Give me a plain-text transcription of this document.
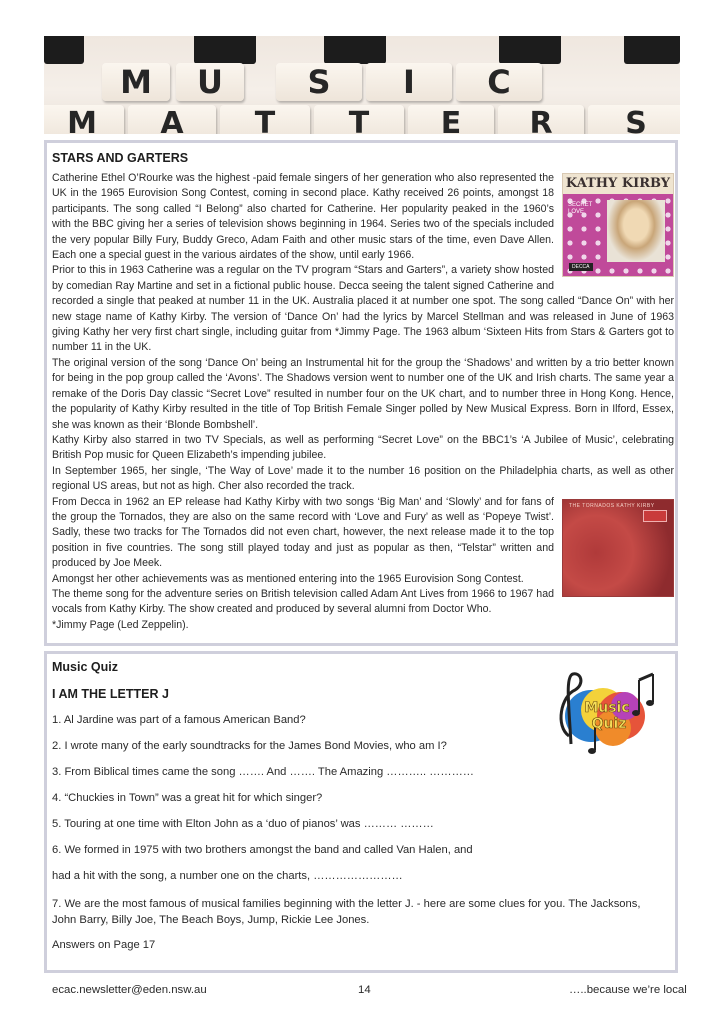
M	U	S	I	C
M	A	T	T	E	R	S
STARS AND GARTERS
KATHY KIRBY
SECRET LOVE
DECCA

Catherine Ethel O’Rourke was the highest -paid female singers of her generation who also represented the UK in the 1965 Eurovision Song Contest, coming in second place. Kathy received 26 points, amongst 18 participants. The song called “I Belong” also charted for Catherine. Her popularity peaked in the 1960’s with the BBC giving her a series of television shows beginning in 1964. Series two of the specials included the very popular Billy Fury, Buddy Greco, Adam Faith and other music stars of the time, even Dave Allen. Each one a special guest in the various airdates of the show, until early 1966.

Prior to this in 1963 Catherine was a regular on the TV program “Stars and Garters”, a variety show hosted by comedian Ray Martine and set in a fictional public house. Decca seeing the talent signed Catherine and recorded a single that peaked at number 11 in the UK. Australia placed it at number one spot. The song called “Dance On” with her new stage name of Kathy Kirby. The version of ‘Dance On’ had the lyrics by Marcel Stellman and was released in June of 1963 giving Kathy her very first chart single, including guitar from *Jimmy Page. The 1963 album ‘Sixteen Hits from Stars & Garters got to number 11 in the UK.

The original version of the song ‘Dance On’ being an Instrumental hit for the group the ‘Shadows’ and written by a trio better known for being in the pop group called the ‘Avons’. The Shadows version went to number one of the UK and Irish charts. The same year a remake of the Doris Day classic “Secret Love” resulted in number four on the UK chart, and to number three in Hong Kong. Hence, the popularity of Kathy Kirby resulted in the title of Top British Female Singer polled by New Musical Express. Born in Ilford, Essex, she was known as their ‘Blonde Bombshell’.

Kathy Kirby also starred in two TV Specials, as well as performing “Secret Love” on the BBC1’s ‘A Jubilee of Music’, celebrating British Pop music for Queen Elizabeth’s impending jubilee.

In September 1965, her single, ‘The Way of Love’ made it to the number 16 position on the Philadelphia charts, as well as other regional US areas, but not as high. Cher also recorded the track.

THE TORNADOS KATHY KIRBY

From Decca in 1962 an EP release had Kathy Kirby with two songs ‘Big Man’ and ‘Slowly’ and for fans of the group the Tornados, they are also on the same record with ‘Love and Fury’ as well as ‘Popeye Twist’. Sadly, these two tracks for The Tornados did not even chart, however, the next release made it to the top position in five countries. The song still played today and just as popular as then, “Telstar” written and produced by Joe Meek.

Amongst her other achievements was as mentioned entering into the 1965 Eurovision Song Contest.

The theme song for the adventure series on British television called Adam Ant Lives from 1966 to 1967 had vocals from Kathy Kirby. The show created and produced by several alumni from Doctor Who.

*Jimmy Page (Led Zeppelin).

Music Quiz
I AM THE LETTER J
Music
Quiz
1. Al Jardine was part of a famous American Band?
2. I wrote many of the early soundtracks for the James Bond Movies, who am I?
3. From Biblical times came the song ……. And ……. The Amazing ……….. …………
4. “Chuckies in Town” was a great hit for which singer?
5. Touring at one time with Elton John as a ‘duo of pianos’ was ……… ………
6. We formed in 1975 with two brothers amongst the band and called Van Halen, and
had a hit with the song, a number one on the charts, ……………………
7. We are the most famous of musical families beginning with the letter J. - here are some clues for you. The Jacksons, John Barry, Billy Joe, The Beach Boys, Jump, Rickie Lee Jones.
Answers on Page 17
ecac.newsletter@eden.nsw.au	14	…..because we’re local
